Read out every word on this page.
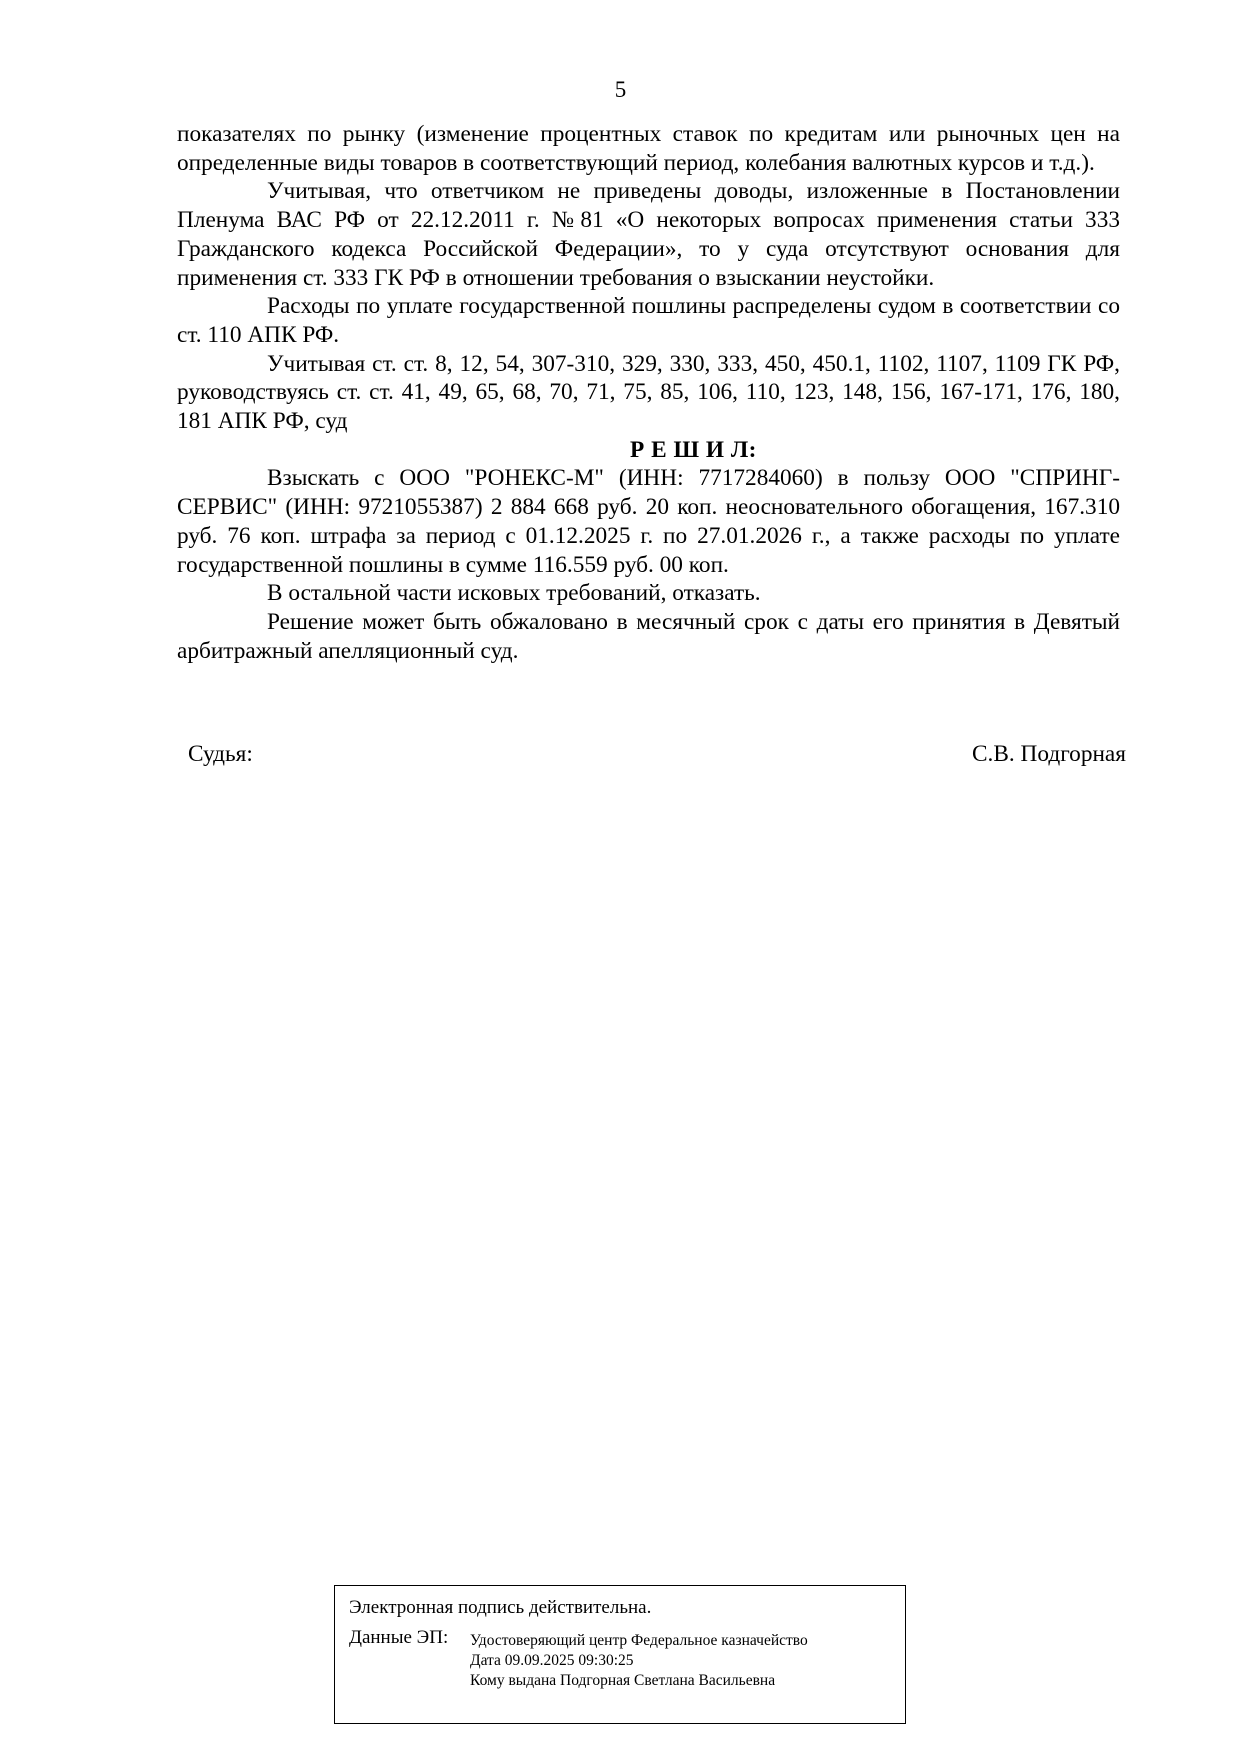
5

показателях по рынку (изменение процентных ставок по кредитам или рыночных цен на определенные виды товаров в соответствующий период, колебания валютных курсов и т.д.).

Учитывая, что ответчиком не приведены доводы, изложенные в Постановлении Пленума ВАС РФ от 22.12.2011 г. №81 «О некоторых вопросах применения статьи 333 Гражданского кодекса Российской Федерации», то у суда отсутствуют основания для применения ст. 333 ГК РФ в отношении требования о взыскании неустойки.

Расходы по уплате государственной пошлины распределены судом в соответствии со ст. 110 АПК РФ.

Учитывая ст. ст. 8, 12, 54, 307-310, 329, 330, 333, 450, 450.1, 1102, 1107, 1109 ГК РФ, руководствуясь ст. ст. 41, 49, 65, 68, 70, 71, 75, 85, 106, 110, 123, 148, 156, 167-171, 176, 180, 181 АПК РФ, суд

Р Е Ш И Л:

Взыскать с ООО "РОНЕКС-М" (ИНН: 7717284060) в пользу ООО "СПРИНГ-СЕРВИС" (ИНН: 9721055387) 2 884 668 руб. 20 коп. неосновательного обогащения, 167.310 руб. 76 коп. штрафа за период с 01.12.2025 г. по 27.01.2026 г., а также расходы по уплате государственной пошлины в сумме 116.559 руб. 00 коп.

В остальной части исковых требований, отказать.

Решение может быть обжаловано в месячный срок с даты его принятия в Девятый арбитражный апелляционный суд.

Судья:	С.В. Подгорная
Электронная подпись действительна.
Данные ЭП: Удостоверяющий центр Федеральное казначейство
Дата 09.09.2025 09:30:25
Кому выдана Подгорная Светлана Васильевна
